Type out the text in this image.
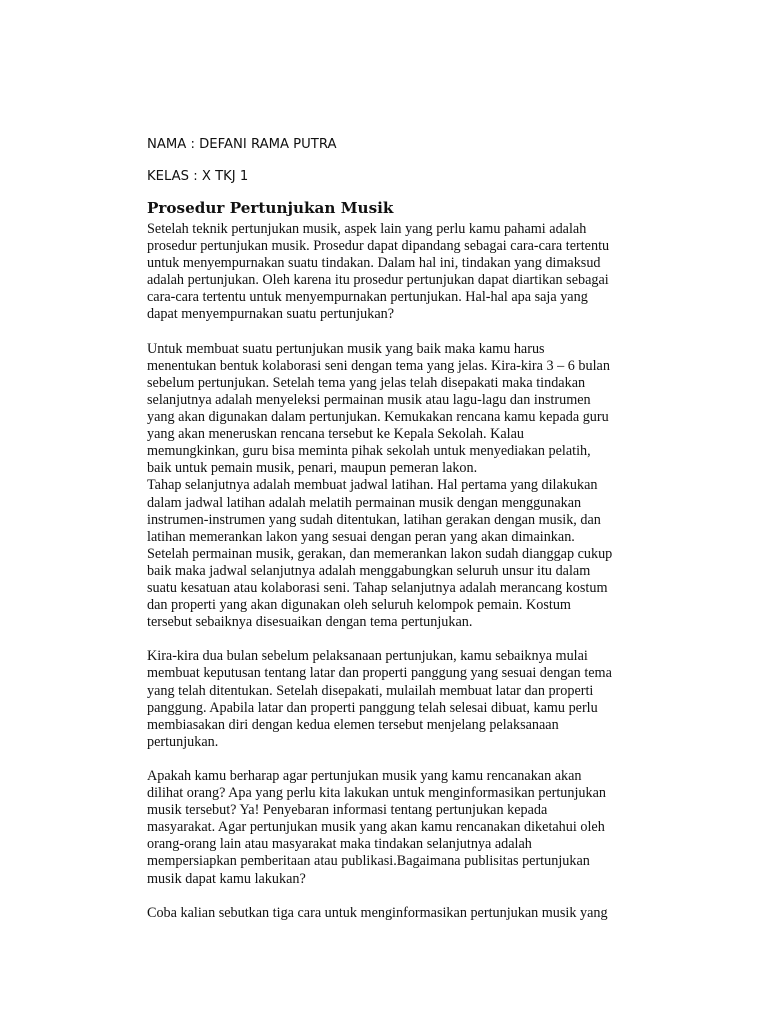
NAMA : DEFANI RAMA PUTRA

KELAS : X TKJ 1

Prosedur Pertunjukan Musik

Setelah teknik pertunjukan musik, aspek lain yang perlu kamu pahami adalah
prosedur pertunjukan musik. Prosedur dapat dipandang sebagai cara-cara tertentu
untuk menyempurnakan suatu tindakan. Dalam hal ini, tindakan yang dimaksud
adalah pertunjukan. Oleh karena itu prosedur pertunjukan dapat diartikan sebagai
cara-cara tertentu untuk menyempurnakan pertunjukan. Hal-hal apa saja yang
dapat menyempurnakan suatu pertunjukan?

Untuk membuat suatu pertunjukan musik yang baik maka kamu harus
menentukan bentuk kolaborasi seni dengan tema yang jelas. Kira-kira 3 – 6 bulan
sebelum pertunjukan. Setelah tema yang jelas telah disepakati maka tindakan
selanjutnya adalah menyeleksi permainan musik atau lagu-lagu dan instrumen
yang akan digunakan dalam pertunjukan. Kemukakan rencana kamu kepada guru
yang akan meneruskan rencana tersebut ke Kepala Sekolah. Kalau
memungkinkan, guru bisa meminta pihak sekolah untuk menyediakan pelatih,
baik untuk pemain musik, penari, maupun pemeran lakon.
Tahap selanjutnya adalah membuat jadwal latihan. Hal pertama yang dilakukan
dalam jadwal latihan adalah melatih permainan musik dengan menggunakan
instrumen-instrumen yang sudah ditentukan, latihan gerakan dengan musik, dan
latihan memerankan lakon yang sesuai dengan peran yang akan dimainkan.
Setelah permainan musik, gerakan, dan memerankan lakon sudah dianggap cukup
baik maka jadwal selanjutnya adalah menggabungkan seluruh unsur itu dalam
suatu kesatuan atau kolaborasi seni. Tahap selanjutnya adalah merancang kostum
dan properti yang akan digunakan oleh seluruh kelompok pemain. Kostum
tersebut sebaiknya disesuaikan dengan tema pertunjukan.

Kira-kira dua bulan sebelum pelaksanaan pertunjukan, kamu sebaiknya mulai
membuat keputusan tentang latar dan properti panggung yang sesuai dengan tema
yang telah ditentukan. Setelah disepakati, mulailah membuat latar dan properti
panggung. Apabila latar dan properti panggung telah selesai dibuat, kamu perlu
membiasakan diri dengan kedua elemen tersebut menjelang pelaksanaan
pertunjukan.

Apakah kamu berharap agar pertunjukan musik yang kamu rencanakan akan
dilihat orang? Apa yang perlu kita lakukan untuk menginformasikan pertunjukan
musik tersebut? Ya! Penyebaran informasi tentang pertunjukan kepada
masyarakat. Agar pertunjukan musik yang akan kamu rencanakan diketahui oleh
orang-orang lain atau masyarakat maka tindakan selanjutnya adalah
mempersiapkan pemberitaan atau publikasi.Bagaimana publisitas pertunjukan
musik dapat kamu lakukan?

Coba kalian sebutkan tiga cara untuk menginformasikan pertunjukan musik yang
